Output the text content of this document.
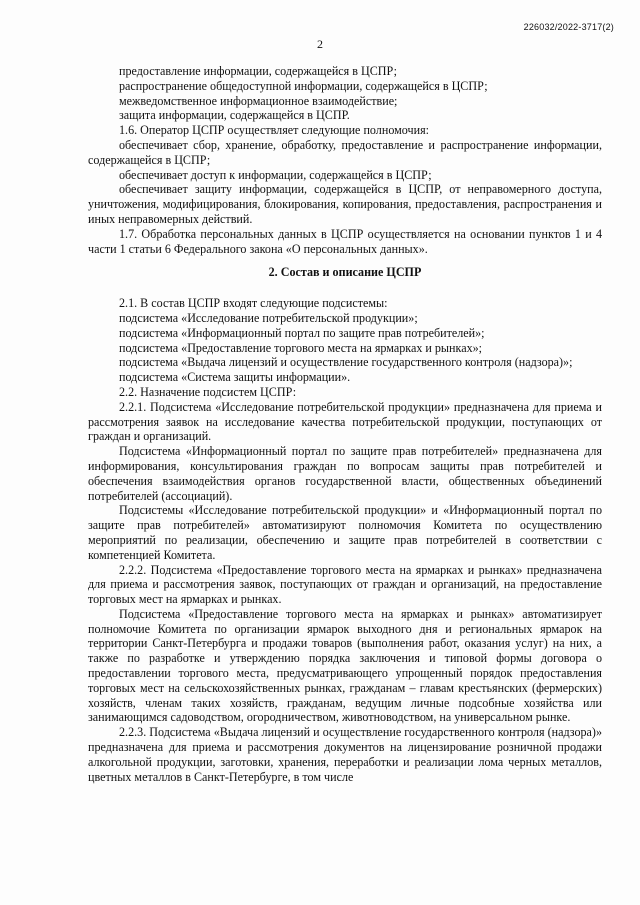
226032/2022-3717(2)
2

предоставление информации, содержащейся в ЦСПР;

распространение общедоступной информации, содержащейся в ЦСПР;

межведомственное информационное взаимодействие;

защита информации, содержащейся в ЦСПР.

1.6. Оператор ЦСПР осуществляет следующие полномочия:

обеспечивает сбор, хранение, обработку, предоставление и распространение информации, содержащейся в ЦСПР;

обеспечивает доступ к информации, содержащейся в ЦСПР;

обеспечивает защиту информации, содержащейся в ЦСПР, от неправомерного доступа, уничтожения, модифицирования, блокирования, копирования, предоставления, распространения и иных неправомерных действий.

1.7. Обработка персональных данных в ЦСПР осуществляется на основании пунктов 1 и 4 части 1 статьи 6 Федерального закона «О персональных данных».

2. Состав и описание ЦСПР

2.1. В состав ЦСПР входят следующие подсистемы:

подсистема «Исследование потребительской продукции»;

подсистема «Информационный портал по защите прав потребителей»;

подсистема «Предоставление торгового места на ярмарках и рынках»;

подсистема «Выдача лицензий и осуществление государственного контроля (надзора)»;

подсистема «Система защиты информации».

2.2. Назначение подсистем ЦСПР:

2.2.1. Подсистема «Исследование потребительской продукции» предназначена для приема и рассмотрения заявок на исследование качества потребительской продукции, поступающих от граждан и организаций.

Подсистема «Информационный портал по защите прав потребителей» предназначена для информирования, консультирования граждан по вопросам защиты прав потребителей и обеспечения взаимодействия органов государственной власти, общественных объединений потребителей (ассоциаций).

Подсистемы «Исследование потребительской продукции» и «Информационный портал по защите прав потребителей» автоматизируют полномочия Комитета по осуществлению мероприятий по реализации, обеспечению и защите прав потребителей в соответствии с компетенцией Комитета.

2.2.2. Подсистема «Предоставление торгового места на ярмарках и рынках» предназначена для приема и рассмотрения заявок, поступающих от граждан и организаций, на предоставление торговых мест на ярмарках и рынках.

Подсистема «Предоставление торгового места на ярмарках и рынках» автоматизирует полномочие Комитета по организации ярмарок выходного дня и региональных ярмарок на территории Санкт-Петербурга и продажи товаров (выполнения работ, оказания услуг) на них, а также по разработке и утверждению порядка заключения и типовой формы договора о предоставлении торгового места, предусматривающего упрощенный порядок предоставления торговых мест на сельскохозяйственных рынках, гражданам – главам крестьянских (фермерских) хозяйств, членам таких хозяйств, гражданам, ведущим личные подсобные хозяйства или занимающимся садоводством, огородничеством, животноводством, на универсальном рынке.

2.2.3. Подсистема «Выдача лицензий и осуществление государственного контроля (надзора)» предназначена для приема и рассмотрения документов на лицензирование розничной продажи алкогольной продукции, заготовки, хранения, переработки и реализации лома черных металлов, цветных металлов в Санкт-Петербурге, в том числе
